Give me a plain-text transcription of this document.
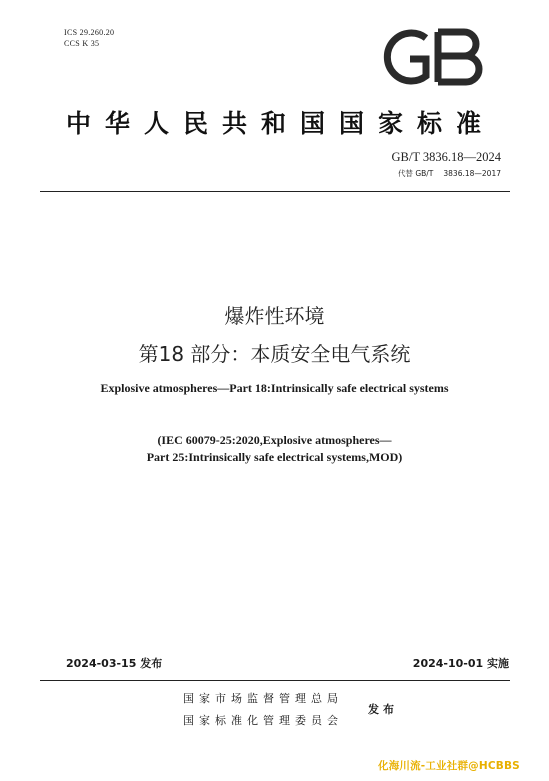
ICS 29.260.20
CCS K 35
GB
中华人民共和国国家标准
GB/T 3836.18—2024
代替 GB/T 3836.18—2017
爆炸性环境
第18 部分：本质安全电气系统
Explosive atmospheres—Part 18:Intrinsically safe electrical systems
(IEC 60079-25:2020,Explosive atmospheres—
Part 25:Intrinsically safe electrical systems,MOD)
2024-03-15 发布	2024-10-01 实施
国家市场监督管理总局
国家标准化管理委员会
发布
化海川流-工业社群@HCBBS
